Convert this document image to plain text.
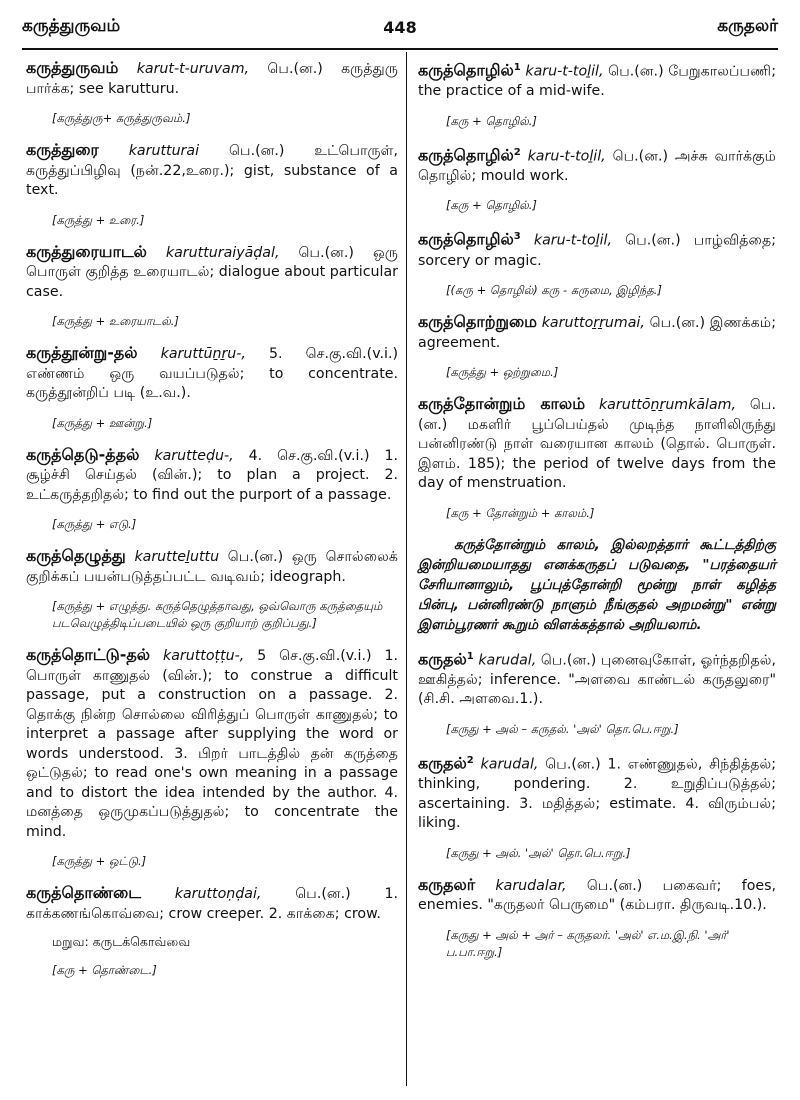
கருத்துருவம்	448	கருதலர்

கருத்துருவம் karut-t-uruvam, பெ.(ன.) கருத்துரு பார்க்க; see karutturu.

[கருத்துரு+ கருத்துருவம்.]

கருத்துரை karutturai பெ.(ன.) உட்பொருள், கருத்துப்பிழிவு (நன்.22,உரை.); gist, substance of a text.

[கருத்து + உரை.]

கருத்துரையாடல் karutturaiyāḍal, பெ.(ன.) ஒரு பொருள் குறித்த உரையாடல்; dialogue about particular case.

[கருத்து + உரையாடல்.]

கருத்தூன்று-தல் karuttūṉṟu-, 5. செ.கு.வி.(v.i.) எண்ணம் ஒரு வயப்படுதல்; to concentrate. கருத்தூன்றிப் படி (உ.வ.).

[கருத்து + ஊன்று.]

கருத்தெடு-த்தல் karutteḍu-, 4. செ.கு.வி.(v.i.) 1. சூழ்ச்சி செய்தல் (வின்.); to plan a project. 2. உட்கருத்தறிதல்; to find out the purport of a passage.

[கருத்து + எடு.]

கருத்தெழுத்து karutteḻuttu பெ.(ன.) ஒரு சொல்லைக் குறிக்கப் பயன்படுத்தப்பட்ட வடிவம்; ideograph.

[கருத்து + எழுத்து. கருத்தெழுத்தாவது, ஒவ்வொரு கருத்தையும் படவெழுத்திடிப்படையில் ஒரு குறியாற் குறிப்பது.]

கருத்தொட்டு-தல் karuttoṭṭu-, 5 செ.கு.வி.(v.i.) 1. பொருள் காணுதல் (வின்.); to construe a difficult passage, put a construction on a passage. 2. தொக்கு நின்ற சொல்லை விரித்துப் பொருள் காணுதல்; to interpret a passage after supplying the word or words understood. 3. பிறர் பாடத்தில் தன் கருத்தை ஒட்டுதல்; to read one's own meaning in a passage and to distort the idea intended by the author. 4. மனத்தை ஒருமுகப்படுத்துதல்; to concentrate the mind.

[கருத்து + ஒட்டு.]

கருத்தொண்டை karuttoṇḍai, பெ.(ன.) 1. காக்கணங்கொவ்வை; crow creeper. 2. காக்கை; crow.

மறுவ: கருடக்கொவ்வை
[கரு + தொண்டை.]

கருத்தொழில்$^1$ karu-t-toḻil, பெ.(ன.) பேறுகாலப்பணி; the practice of a mid-wife.

[கரு + தொழில்.]

கருத்தொழில்$^2$ karu-t-toḻil, பெ.(ன.) அச்சு வார்க்கும் தொழில்; mould work.

[கரு + தொழில்.]

கருத்தொழில்$^3$ karu-t-toḻil, பெ.(ன.) பாழ்வித்தை; sorcery or magic.

[(கரு + தொழில்) கரு - கருமை, இழிந்த.]

கருத்தொற்றுமை karuttoṟṟumai, பெ.(ன.) இணக்கம்; agreement.

[கருத்து + ஒற்றுமை.]

கருத்தோன்றும் காலம் karuttōṉṟumkālam, பெ.(ன.) மகளிர் பூப்பெய்தல் முடிந்த நாளிலிருந்து பன்னிரண்டு நாள் வரையான காலம் (தொல். பொருள். இளம். 185); the period of twelve days from the day of menstruation.

[கரு + தோன்றும் + காலம்.]

கருத்தோன்றும் காலம், இல்லறத்தார் கூட்டத்திற்கு இன்றியமையாதது எனக்கருதப் படுவதை, "பரத்தையர் சேரியானாலும், பூப்புத்தோன்றி மூன்று நாள் கழித்த பின்பு, பன்னிரண்டு நாளும் நீங்குதல் அறமன்று" என்று இளம்பூரணர் கூறும் விளக்கத்தால் அறியலாம்.

கருதல்$^1$ karudal, பெ.(ன.) புனைவுகோள், ஓர்ந்தறிதல், ஊகித்தல்; inference. "அளவை காண்டல் கருதலுரை" (சி.சி. அளவை.1.).

[கருது + அல் – கருதல். 'அல்' தொ.பெ.ஈறு.]

கருதல்$^2$ karudal, பெ.(ன.) 1. எண்ணுதல், சிந்தித்தல்; thinking, pondering. 2. உறுதிப்படுத்தல்; ascertaining. 3. மதித்தல்; estimate. 4. விரும்பல்; liking.

[கருது + அல். 'அல்' தொ.பெ.ஈறு.]

கருதலர் karudalar, பெ.(ன.) பகைவர்; foes, enemies. "கருதலர் பெருமை" (கம்பரா. திருவடி.10.).

[கருது + அல் + அர் – கருதலர். 'அல்' எ.ம.இ.நி. 'அர்' ப.பா.ஈறு.]
